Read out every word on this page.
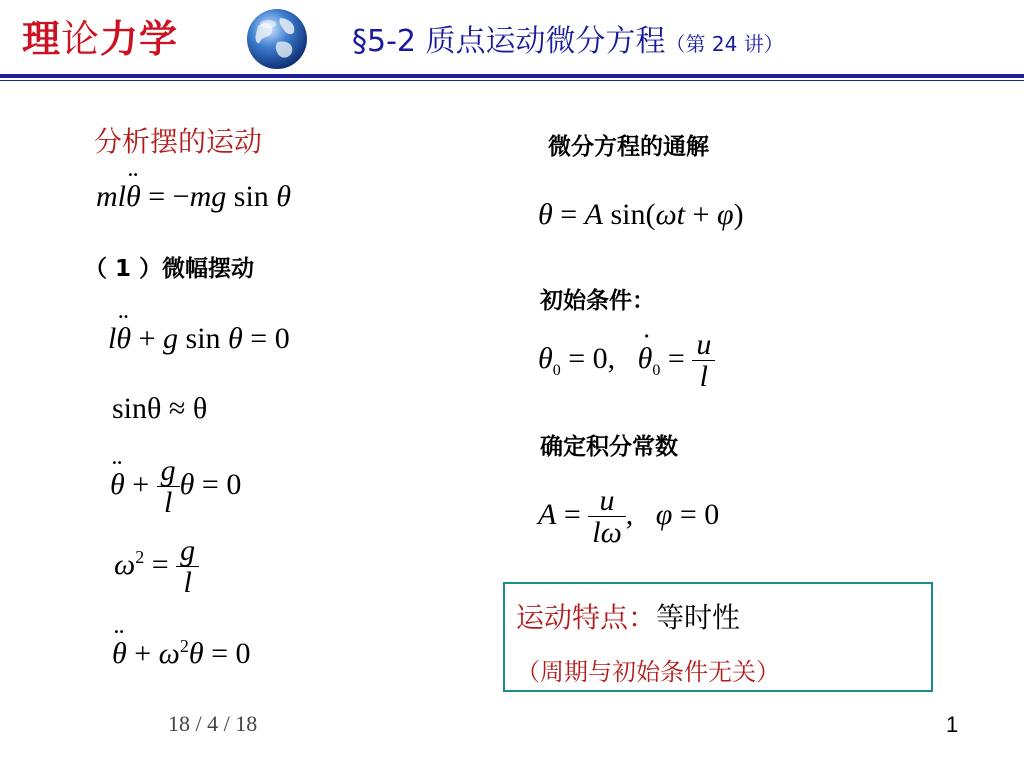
理论力学	§5-2 质点运动微分方程（第 24 讲）
分析摆的运动
ml¨ θ = −mg sin θ
（ 1 ）微幅摆动
l¨ θ + g sin θ = 0
sinθ ≈ θ
¨ $\theta + \frac{g}{l}$ θ = 0
$\omega^2 = \frac{g}{l}$
¨ $\theta + \omega^2\theta = 0$
微分方程的通解
θ = A sin(ωt + φ)
初始条件：
$\theta_0 = 0$,   ˙ $\theta_0 = \frac{u}{l}$
确定积分常数
$A = \frac{u}{l\omega}$ ,   φ = 0
运动特点：等时性
（周期与初始条件无关）
18 / 4 / 18	1
